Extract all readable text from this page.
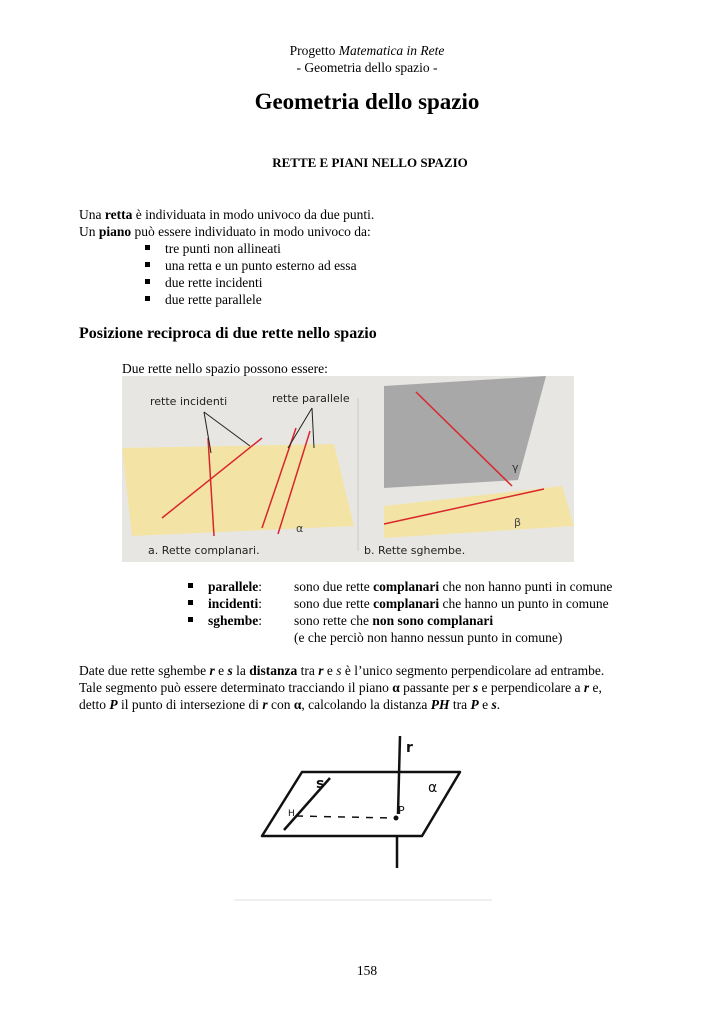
Progetto Matematica in Rete
- Geometria dello spazio -
Geometria dello spazio
RETTE E PIANI NELLO SPAZIO
Una retta è individuata in modo univoco da due punti.
Un piano può essere individuato in modo univoco da:
tre punti non allineati
una retta e un punto esterno ad essa
due rette incidenti
due rette parallele
Posizione reciproca di due rette nello spazio
Due rette nello spazio possono essere:
rette incidenti	rette parallele
α
a. Rette complanari.
γ
β
b. Rette sghembe.
parallele: sono due rette complanari che non hanno punti in comune
incidenti: sono due rette complanari che hanno un punto in comune
sghembe: sono rette che non sono complanari
(e che perciò non hanno nessun punto in comune)
Date due rette sghembe r e s la distanza tra r e s è l’unico segmento perpendicolare ad entrambe.
Tale segmento può essere determinato tracciando il piano α passante per s e perpendicolare a r e,
detto P il punto di intersezione di r con α, calcolando la distanza PH tra P e s.
r
s
H	P
α
158
